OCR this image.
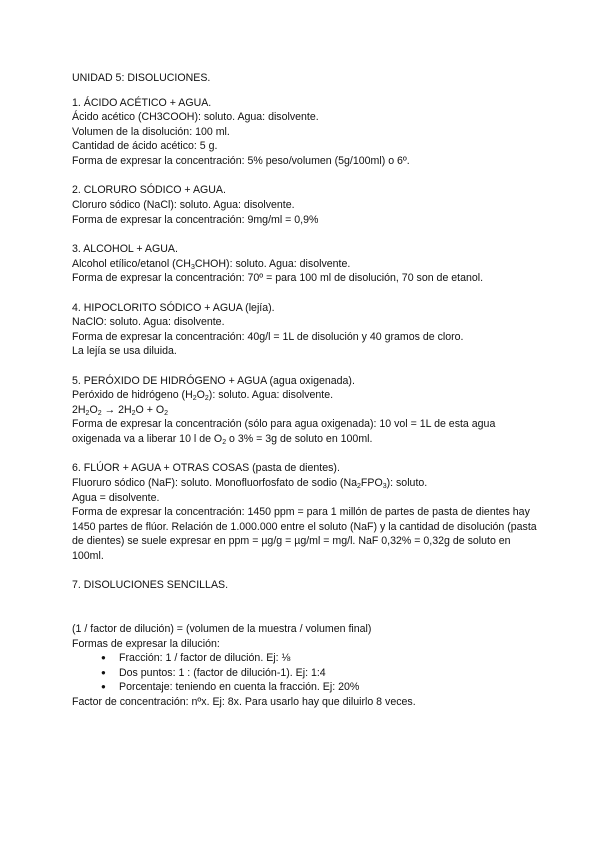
UNIDAD 5: DISOLUCIONES.
1. ÁCIDO ACÉTICO + AGUA.
Ácido acético (CH3COOH): soluto. Agua: disolvente.
Volumen de la disolución: 100 ml.
Cantidad de ácido acético: 5 g.
Forma de expresar la concentración: 5% peso/volumen (5g/100ml) o 6º.
2. CLORURO SÓDICO + AGUA.
Cloruro sódico (NaCl): soluto. Agua: disolvente.
Forma de expresar la concentración: 9mg/ml = 0,9%
3. ALCOHOL + AGUA.
Alcohol etílico/etanol $(CH_3CHOH)$: soluto. Agua: disolvente.
Forma de expresar la concentración: 70º = para 100 ml de disolución, 70 son de etanol.
4. HIPOCLORITO SÓDICO + AGUA (lejía).
NaClO: soluto. Agua: disolvente.
Forma de expresar la concentración: 40g/l = 1L de disolución y 40 gramos de cloro.
La lejía se usa diluida.
5. PERÓXIDO DE HIDRÓGENO + AGUA (agua oxigenada).
Peróxido de hidrógeno $(H_2O_2)$: soluto. Agua: disolvente.
$2H_2O_2 \to 2H_2O + O_2$
Forma de expresar la concentración (sólo para agua oxigenada): 10 vol = 1L de esta agua oxigenada va a liberar 10 l de $O_2$ o 3% = 3g de soluto en 100ml.
6. FLÚOR + AGUA + OTRAS COSAS (pasta de dientes).
Fluoruro sódico (NaF): soluto. Monofluorfosfato de sodio $(Na_2FPO_3)$: soluto.
Agua = disolvente.
Forma de expresar la concentración: 1450 ppm = para 1 millón de partes de pasta de dientes hay 1450 partes de flúor. Relación de 1.000.000 entre el soluto (NaF) y la cantidad de disolución (pasta de dientes) se suele expresar en ppm = µg/g = µg/ml = mg/l. NaF 0,32% = 0,32g de soluto en 100ml.
7. DISOLUCIONES SENCILLAS.
(1 / factor de dilución) = (volumen de la muestra / volumen final)
Formas de expresar la dilución:
● Fracción: 1 / factor de dilución. Ej: ⅛
● Dos puntos: 1 : (factor de dilución-1). Ej: 1:4
● Porcentaje: teniendo en cuenta la fracción. Ej: 20%
Factor de concentración: nºx. Ej: 8x. Para usarlo hay que diluirlo 8 veces.
